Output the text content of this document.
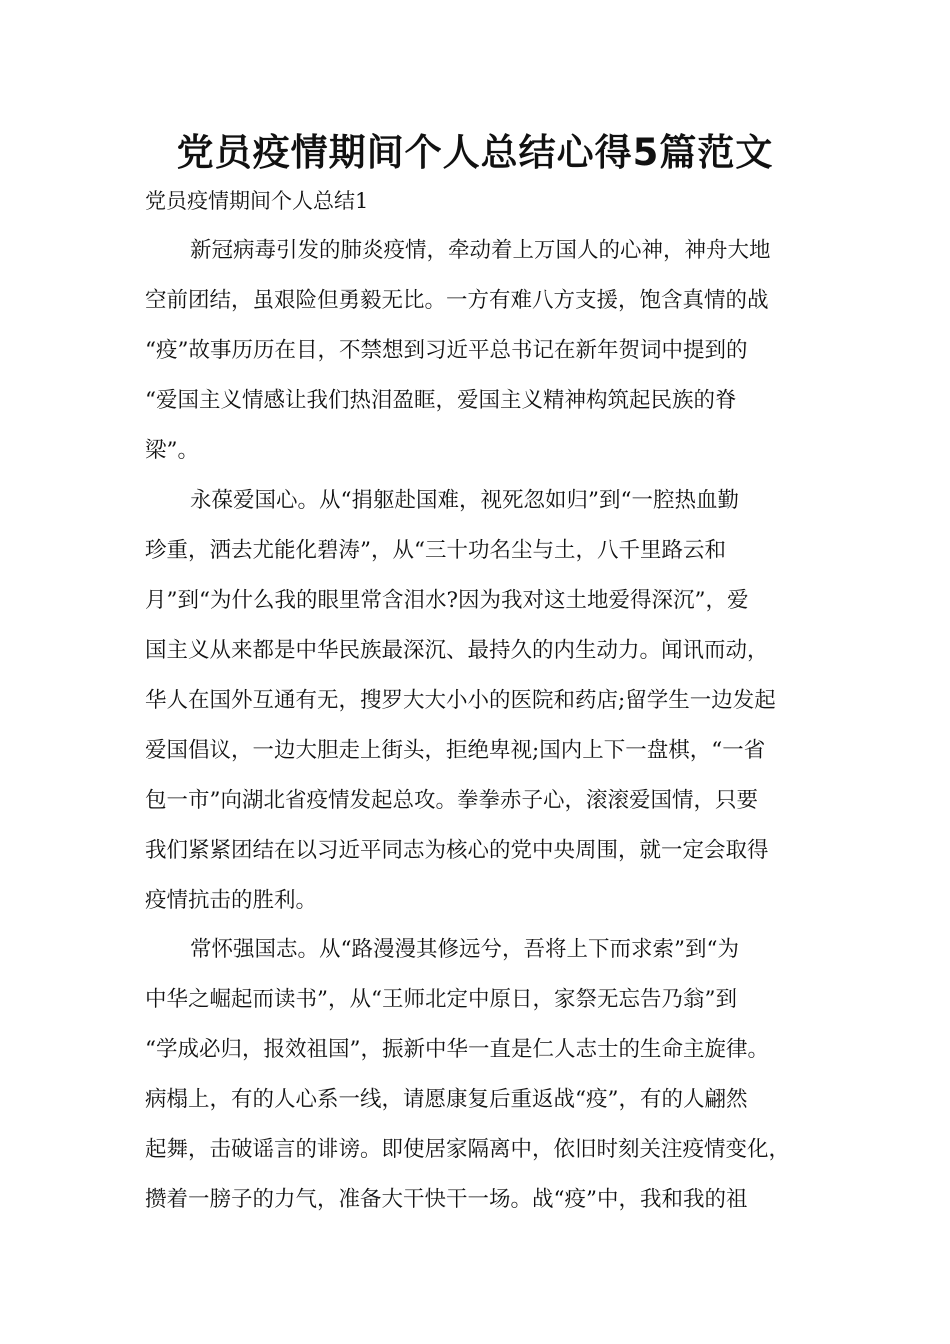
党员疫情期间个人总结心得5篇范文
党员疫情期间个人总结1
新冠病毒引发的肺炎疫情，牵动着上万国人的心神，神舟大地
空前团结，虽艰险但勇毅无比。一方有难八方支援，饱含真情的战
“疫”故事历历在目，不禁想到习近平总书记在新年贺词中提到的
“爱国主义情感让我们热泪盈眶，爱国主义精神构筑起民族的脊
梁”。
永葆爱国心。从“捐躯赴国难，视死忽如归”到“一腔热血勤
珍重，洒去尤能化碧涛”，从“三十功名尘与土，八千里路云和
月”到“为什么我的眼里常含泪水?因为我对这土地爱得深沉”，爱
国主义从来都是中华民族最深沉、最持久的内生动力。闻讯而动，
华人在国外互通有无，搜罗大大小小的医院和药店;留学生一边发起
爱国倡议，一边大胆走上街头，拒绝卑视;国内上下一盘棋，“一省
包一市”向湖北省疫情发起总攻。拳拳赤子心，滚滚爱国情，只要
我们紧紧团结在以习近平同志为核心的党中央周围，就一定会取得
疫情抗击的胜利。
常怀强国志。从“路漫漫其修远兮，吾将上下而求索”到“为
中华之崛起而读书”，从“王师北定中原日，家祭无忘告乃翁”到
“学成必归，报效祖国”，振新中华一直是仁人志士的生命主旋律。
病榻上，有的人心系一线，请愿康复后重返战“疫”，有的人翩然
起舞，击破谣言的诽谤。即使居家隔离中，依旧时刻关注疫情变化，
攒着一膀子的力气，准备大干快干一场。战“疫”中，我和我的祖
